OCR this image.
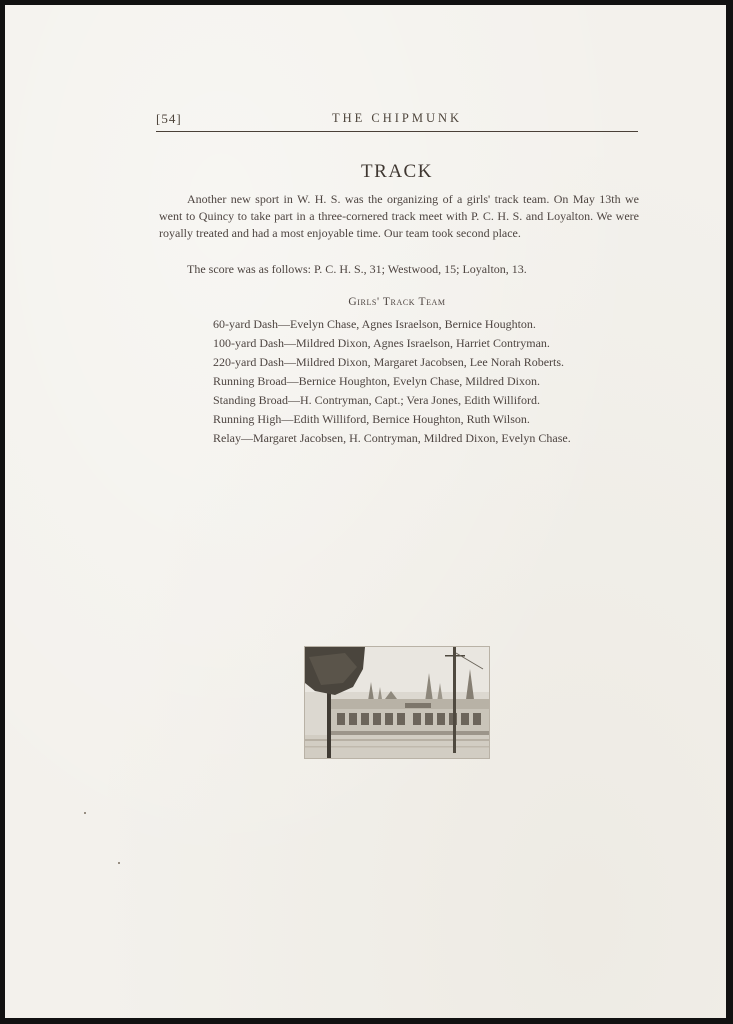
[54]	THE CHIPMUNK
TRACK

Another new sport in W. H. S. was the organizing of a girls' track team. On May 13th we went to Quincy to take part in a three-cornered track meet with P. C. H. S. and Loyalton. We were royally treated and had a most enjoyable time. Our team took second place.

The score was as follows: P. C. H. S., 31; Westwood, 15; Loyalton, 13.

Girls' Track Team
60-yard Dash—Evelyn Chase, Agnes Israelson, Bernice Houghton.
100-yard Dash—Mildred Dixon, Agnes Israelson, Harriet Contryman.
220-yard Dash—Mildred Dixon, Margaret Jacobsen, Lee Norah Roberts.
Running Broad—Bernice Houghton, Evelyn Chase, Mildred Dixon.
Standing Broad—H. Contryman, Capt.; Vera Jones, Edith Williford.
Running High—Edith Williford, Bernice Houghton, Ruth Wilson.
Relay—Margaret Jacobsen, H. Contryman, Mildred Dixon, Evelyn Chase.
